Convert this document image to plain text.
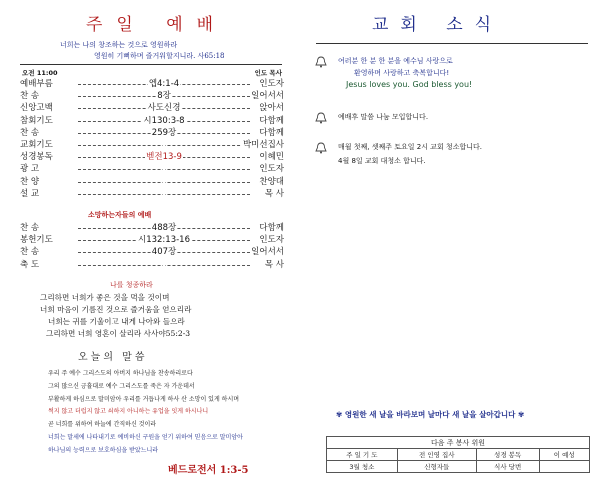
주일 예배
너희는 나의 창조하는 것으로 영원하라
영원히 기뻐하며 즐거워할지니라. 사65:18
오전 11:00	인도 목사
예배부름	엡4:1-4	인도자
찬 송	8장	일어서서
신앙고백	사도신경	앉아서
참회기도	시130:3-8	다함께
찬 송	259장	다함께
교회기도	박미선집사
성경봉독	벧전13-9	이혜민
광 고	인도자
찬 양	찬양대
설 교	목 사
소망하는자들의 예배
찬 송	488장	다함께
봉헌기도	시132:13-16	인도자
찬 송	407장	일어서서
축 도	목 사
나를 청종하라
그리하면 너희가 좋은 것을 먹을 것이며
너희 마음이 기름진 것으로 즐거움을 얻으리라
너희는 귀를 기울이고 내게 나아와 들으라
그리하면 너희 영혼이 살리라 사사야55:2-3
오늘의 말씀
우리 주 예수 그리스도의 아버지 하나님을 찬송하리로다
그의 많으신 긍휼대로 예수 그리스도를 죽은 자 가운데서
부활하게 하심으로 말미암아 우리를 거듭나게 하사 산 소망이 있게 하시며
썩지 않고 더럽지 않고 쇠하지 아니하는 유업을 잇게 하시나니
곧 너희를 위하여 하늘에 간직하신 것이라
너희는 말세에 나타내기로 예비하신 구원을 얻기 위하여 믿음으로 말미암아
하나님의 능력으로 보호하심을 받았느니라
베드로전서 1:3-5
교회 소식
여러분 한 분 한 분을 예수님 사랑으로
환영하며 사랑하고 축복합니다!
Jesus loves you. God bless you!
예배후 말씀 나눔 모입합니다.
매월 첫째, 셋째주 토요일 2시 교회 청소합니다.
4월 8일 교회 대청소 합니다.
✾ 영원한 새 날을 바라보며 날마다 새 날을 살아갑니다 ✾
다음 주 봉사 위원			
주 일 기 도	전 인영 집사	성경 봉독	이 예성
3월 청소	신형자들	식사 당번	
